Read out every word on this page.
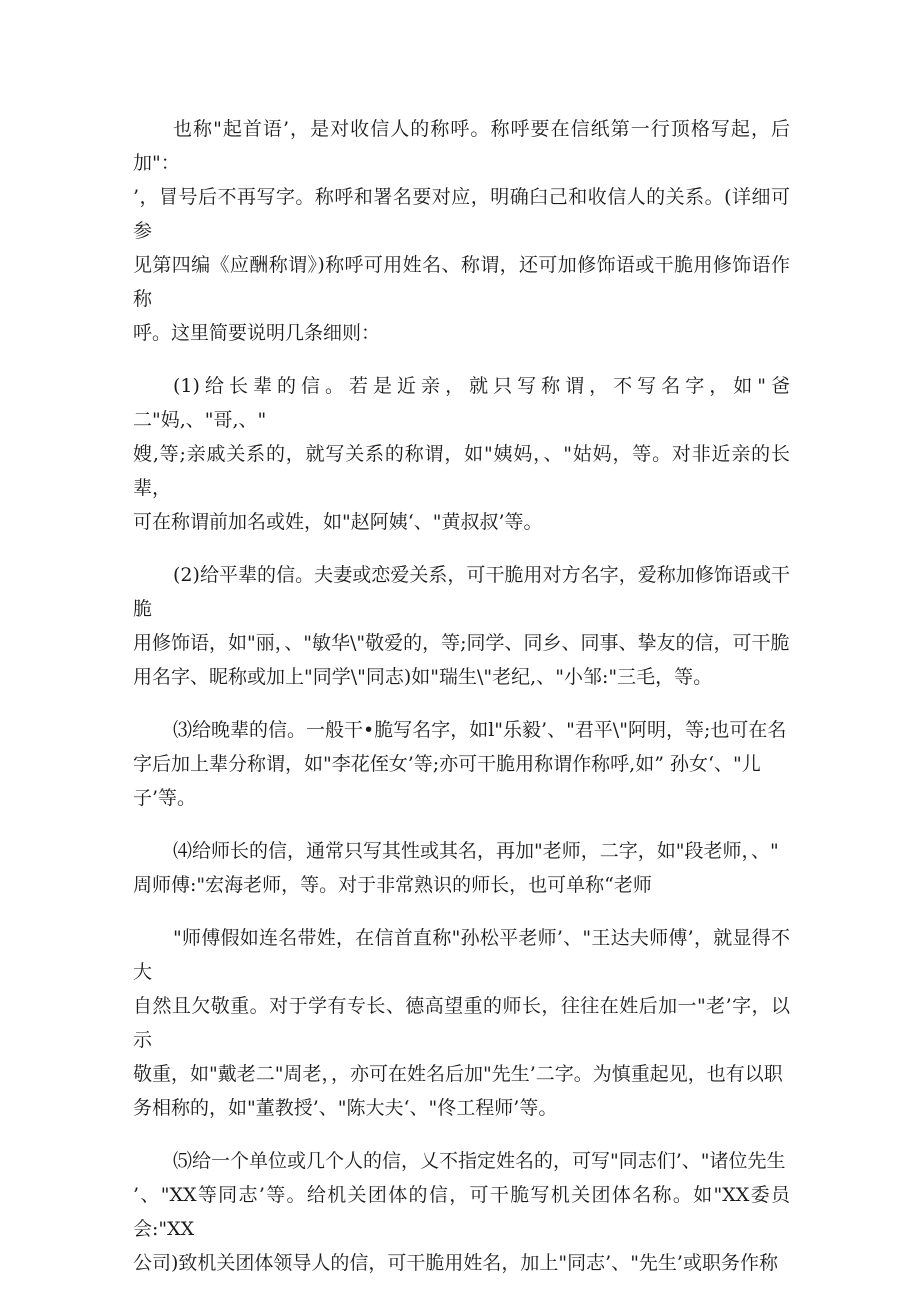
也称"起首语’，是对收信人的称呼。称呼要在信纸第一行顶格写起，后加"：
’，冒号后不再写字。称呼和署名要对应，明确臼己和收信人的关系。(详细可参
见第四编《应酬称谓》)称呼可用姓名、称谓，还可加修饰语或干脆用修饰语作称
呼。这里简要说明几条细则：

(1)给长辈的信。若是近亲，就只写称谓，不写名字，如"爸二"妈,、"哥,、"
嫂,等;亲戚关系的，就写关系的称谓，如"姨妈，、"姑妈，等。对非近亲的长辈，
可在称谓前加名或姓，如"赵阿姨‘、"黄叔叔’等。

(2)给平辈的信。夫妻或恋爱关系，可干脆用对方名字，爱称加修饰语或干脆
用修饰语，如"丽，、"敏华\"敬爱的，等;同学、同乡、同事、挚友的信，可干脆
用名字、昵称或加上"同学\"同志)如"瑞生\"老纪,、"小邹:"三毛，等。

⑶给晚辈的信。一般干•脆写名字，如l"乐毅’、"君平\"阿明，等;也可在名
字后加上辈分称谓，如"李花侄女’等;亦可干脆用称谓作称呼,如” 孙女‘、"儿
子’等。

⑷给师长的信，通常只写其性或其名，再加"老师，二字，如"段老师，、"
周师傅:"宏海老师，等。对于非常熟识的师长，也可单称“老师

"师傅假如连名带姓，在信首直称"孙松平老师’、"王达夫师傅’，就显得不大
自然且欠敬重。对于学有专长、德高望重的师长，往往在姓后加一"老’字，以示
敬重，如"戴老二"周老，，亦可在姓名后加"先生’二字。为慎重起见，也有以职
务相称的，如"董教授’、"陈大夫‘、"佟工程师’等。

⑸给一个单位或几个人的信，乂不指定姓名的，可写"同志们’、"诸位先生
’、"XX等同志’等。给机关团体的信，可干脆写机关团体名称。如"XX委员会:"XX
公司)致机关团体领导人的信，可干脆用姓名，加上"同志’、"先生’或职务作称
